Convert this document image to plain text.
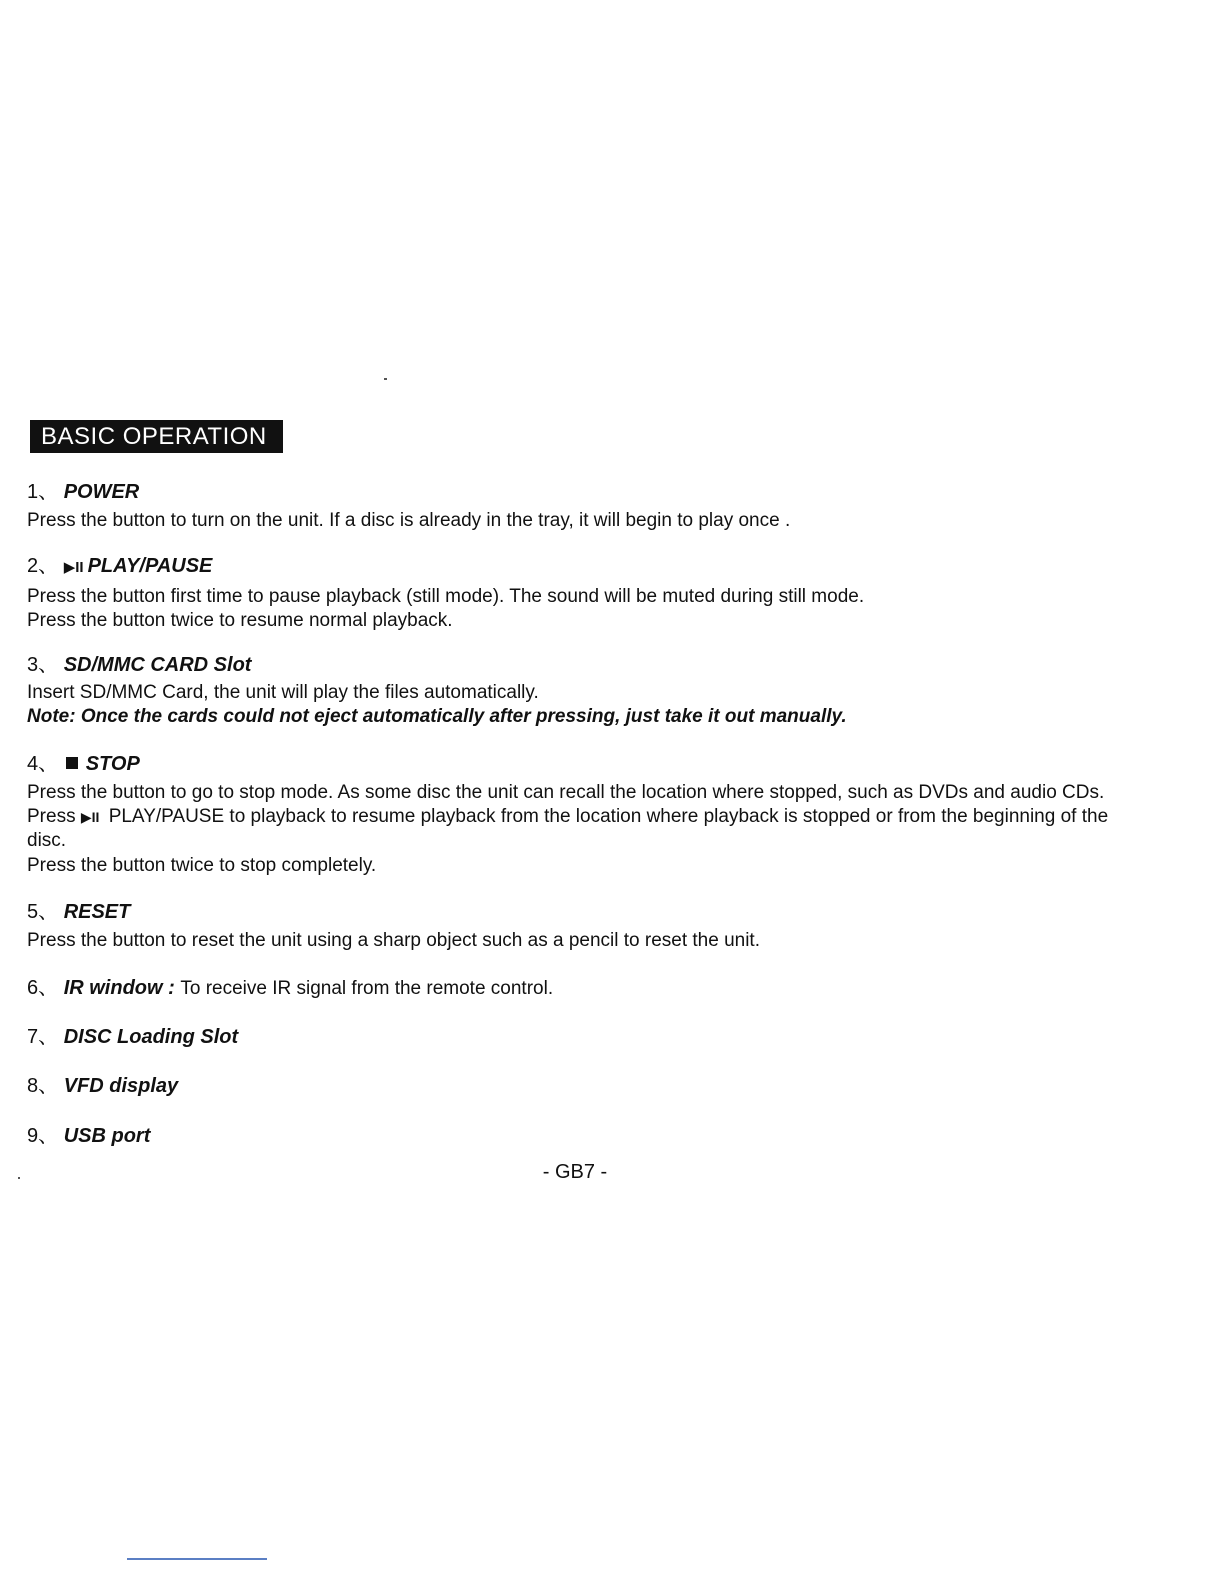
BASIC OPERATION
1、 POWER
Press the button to turn on the unit. If a disc is already in the tray, it will begin to play once .
2、 ▶II PLAY/PAUSE
Press the button first time to pause playback (still mode). The sound will be muted during still mode.
Press the button twice to resume normal playback.
3、 SD/MMC CARD Slot
Insert SD/MMC Card, the unit will play the files automatically.
Note: Once the cards could not eject automatically after pressing, just take it out manually.
4、 STOP
Press the button to go to stop mode. As some disc the unit can recall the location where stopped, such as DVDs and audio CDs.
Press ▶II PLAY/PAUSE to playback to resume playback from the location where playback is stopped or from the beginning of the disc.
Press the button twice to stop completely.
5、 RESET
Press the button to reset the unit using a sharp object such as a pencil to reset the unit.
6、 IR window : To receive IR signal from the remote control.
7、 DISC Loading Slot
8、 VFD display
9、 USB port
- GB7 -
